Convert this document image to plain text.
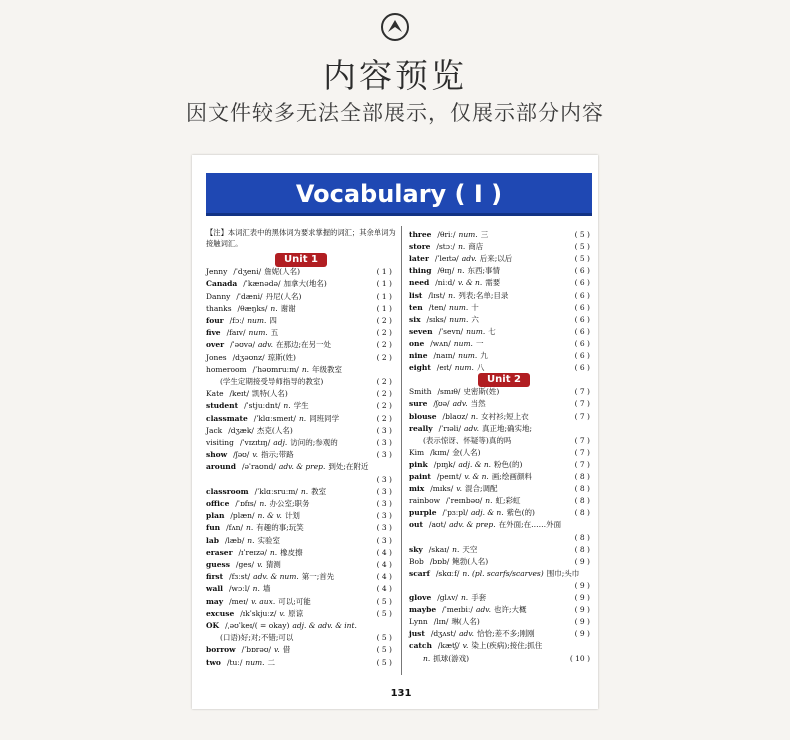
内容预览
因文件较多无法全部展示，仅展示部分内容
Vocabulary ( I )
【注】本词汇表中的黑体词为要求掌握的词汇；其余单词为接触词汇。
Unit 1
Jenny /ˈdʒeni/ 詹妮(人名)	( 1 )
Canada /ˈkænədə/ 加拿大(地名)	( 1 )
Danny /ˈdæni/ 丹尼(人名)	( 1 )
thanks /θæŋks/ n. 谢谢	( 1 )
four /fɔː/ num. 四	( 2 )
five /faɪv/ num. 五	( 2 )
over /ˈəʊvə/ adv. 在那边;在另一处	( 2 )
Jones /dʒəʊnz/ 琼斯(姓)	( 2 )
homeroom /ˈhəʊmruːm/ n. 年级教室
(学生定期接受导师指导的教室)	( 2 )
Kate /keɪt/ 凯特(人名)	( 2 )
student /ˈstjuːdnt/ n. 学生	( 2 )
classmate /ˈklɑːsmeɪt/ n. 同班同学	( 2 )
Jack /dʒæk/ 杰克(人名)	( 3 )
visiting /ˈvɪzɪtɪŋ/ adj. 访问的;参观的	( 3 )
show /ʃəʊ/ v. 指示;带路	( 3 )
around /əˈraʊnd/ adv. & prep. 到处;在附近
( 3 )
classroom /ˈklɑːsruːm/ n. 教室	( 3 )
office /ˈɒfɪs/ n. 办公室;职务	( 3 )
plan /plæn/ n. & v. 计划	( 3 )
fun /fʌn/ n. 有趣的事;玩笑	( 3 )
lab /læb/ n. 实验室	( 3 )
eraser /ɪˈreɪzə/ n. 橡皮擦	( 4 )
guess /ges/ v. 猜测	( 4 )
first /fɜːst/ adv. & num. 第一;首先	( 4 )
wall /wɔːl/ n. 墙	( 4 )
may /meɪ/ v. aux. 可以;可能	( 5 )
excuse /ɪkˈskjuːz/ v. 原谅	( 5 )
OK /ˌəʊˈkeɪ/( = okay) adj. & adv. & int.
(口语)好;对;不错;可以	( 5 )
borrow /ˈbɒrəʊ/ v. 借	( 5 )
two /tuː/ num. 二	( 5 )
three /θriː/ num. 三	( 5 )
store /stɔː/ n. 商店	( 5 )
later /ˈleɪtə/ adv. 后来;以后	( 5 )
thing /θɪŋ/ n. 东西;事情	( 6 )
need /niːd/ v. & n. 需要	( 6 )
list /lɪst/ n. 列表;名单;目录	( 6 )
ten /ten/ num. 十	( 6 )
six /sɪks/ num. 六	( 6 )
seven /ˈsevn/ num. 七	( 6 )
one /wʌn/ num. 一	( 6 )
nine /naɪn/ num. 九	( 6 )
eight /eɪt/ num. 八	( 6 )
Unit 2
Smith /smɪθ/ 史密斯(姓)	( 7 )
sure /ʃʊə/ adv. 当然	( 7 )
blouse /blaʊz/ n. 女衬衫;短上衣	( 7 )
really /ˈrɪəli/ adv. 真正地;确实地;
(表示惊讶、怀疑等)真的吗	( 7 )
Kim /kɪm/ 金(人名)	( 7 )
pink /pɪŋk/ adj. & n. 粉色(的)	( 7 )
paint /peɪnt/ v. & n. 画;绘画颜料	( 8 )
mix /mɪks/ v. 混合;调配	( 8 )
rainbow /ˈreɪnbəʊ/ n. 虹;彩虹	( 8 )
purple /ˈpɜːpl/ adj. & n. 紫色(的)	( 8 )
out /aʊt/ adv. & prep. 在外面;在……外面
( 8 )
sky /skaɪ/ n. 天空	( 8 )
Bob /bɒb/ 鲍勃(人名)	( 9 )
scarf /skɑːf/ n. (pl. scarfs/scarves) 围巾;头巾
( 9 )
glove /glʌv/ n. 手套	( 9 )
maybe /ˈmeɪbiː/ adv. 也许;大概	( 9 )
Lynn /lɪn/ 琳(人名)	( 9 )
just /dʒʌst/ adv. 恰恰;差不多;刚刚	( 9 )
catch /kætʃ/ v. 染上(疾病);接住;抓住
n. 抓球(游戏)	( 10 )
131
